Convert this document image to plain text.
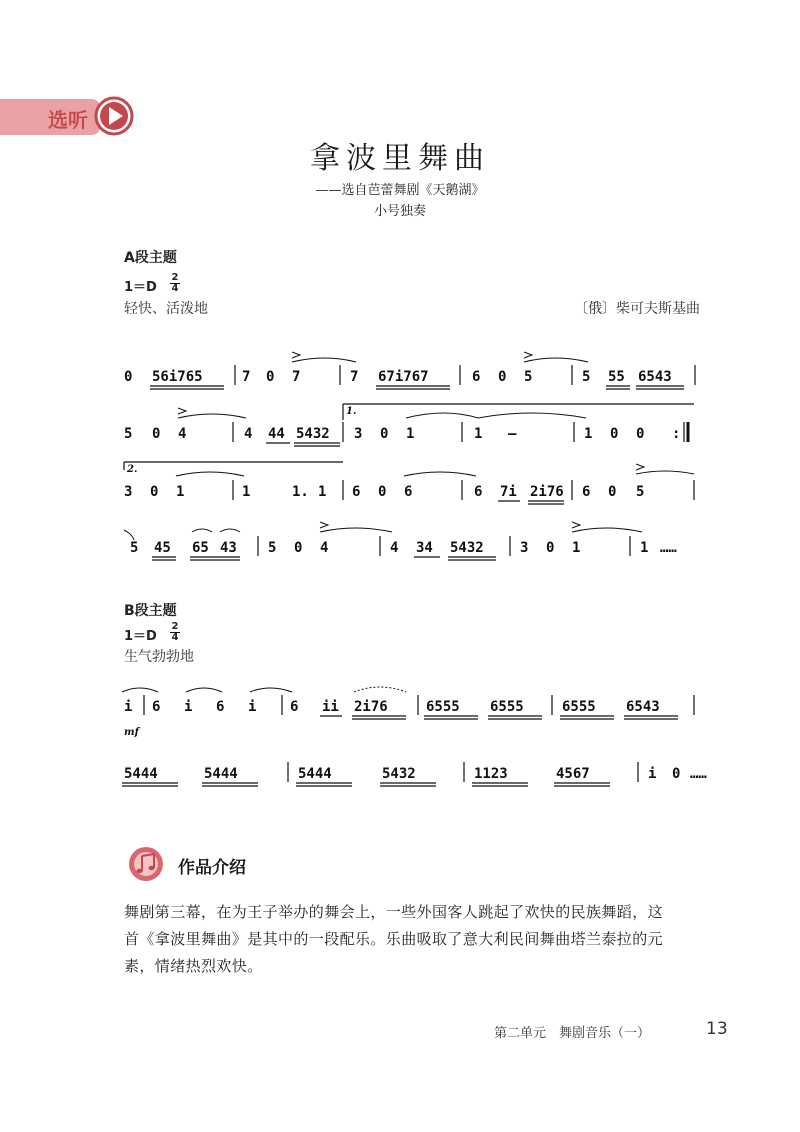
选听
拿波里舞曲
——选自芭蕾舞剧《天鹅湖》
小号独奏
A段主题
1＝D
2
4
轻快、活泼地	〔俄〕柴可夫斯基曲
B段主题
1＝D
2
4
生气勃勃地
0 56i765	7 0 7	7 67i767	6 0 5	5 55 6543
5 0 4	4 44 5432 3 0 1	1 –	1 0 0 :
1.
3 0 1	1	1. 1 6 0 6	6 7i 2i76 6 0 5
2.
5 45 65 43 5 0 4	4 34 5432	3 0 1	1 ……
i 6 i 6 i 6 ii 2i76	6555 6555	6555 6543
mf
5444	5444	5444	5432	1123	4567	i 0 ……
作品介绍
舞剧第三幕，在为王子举办的舞会上，一些外国客人跳起了欢快的民族舞蹈，这
首《拿波里舞曲》是其中的一段配乐。乐曲吸取了意大利民间舞曲塔兰泰拉的元
素，情绪热烈欢快。
第二单元　舞剧音乐（一）	13
